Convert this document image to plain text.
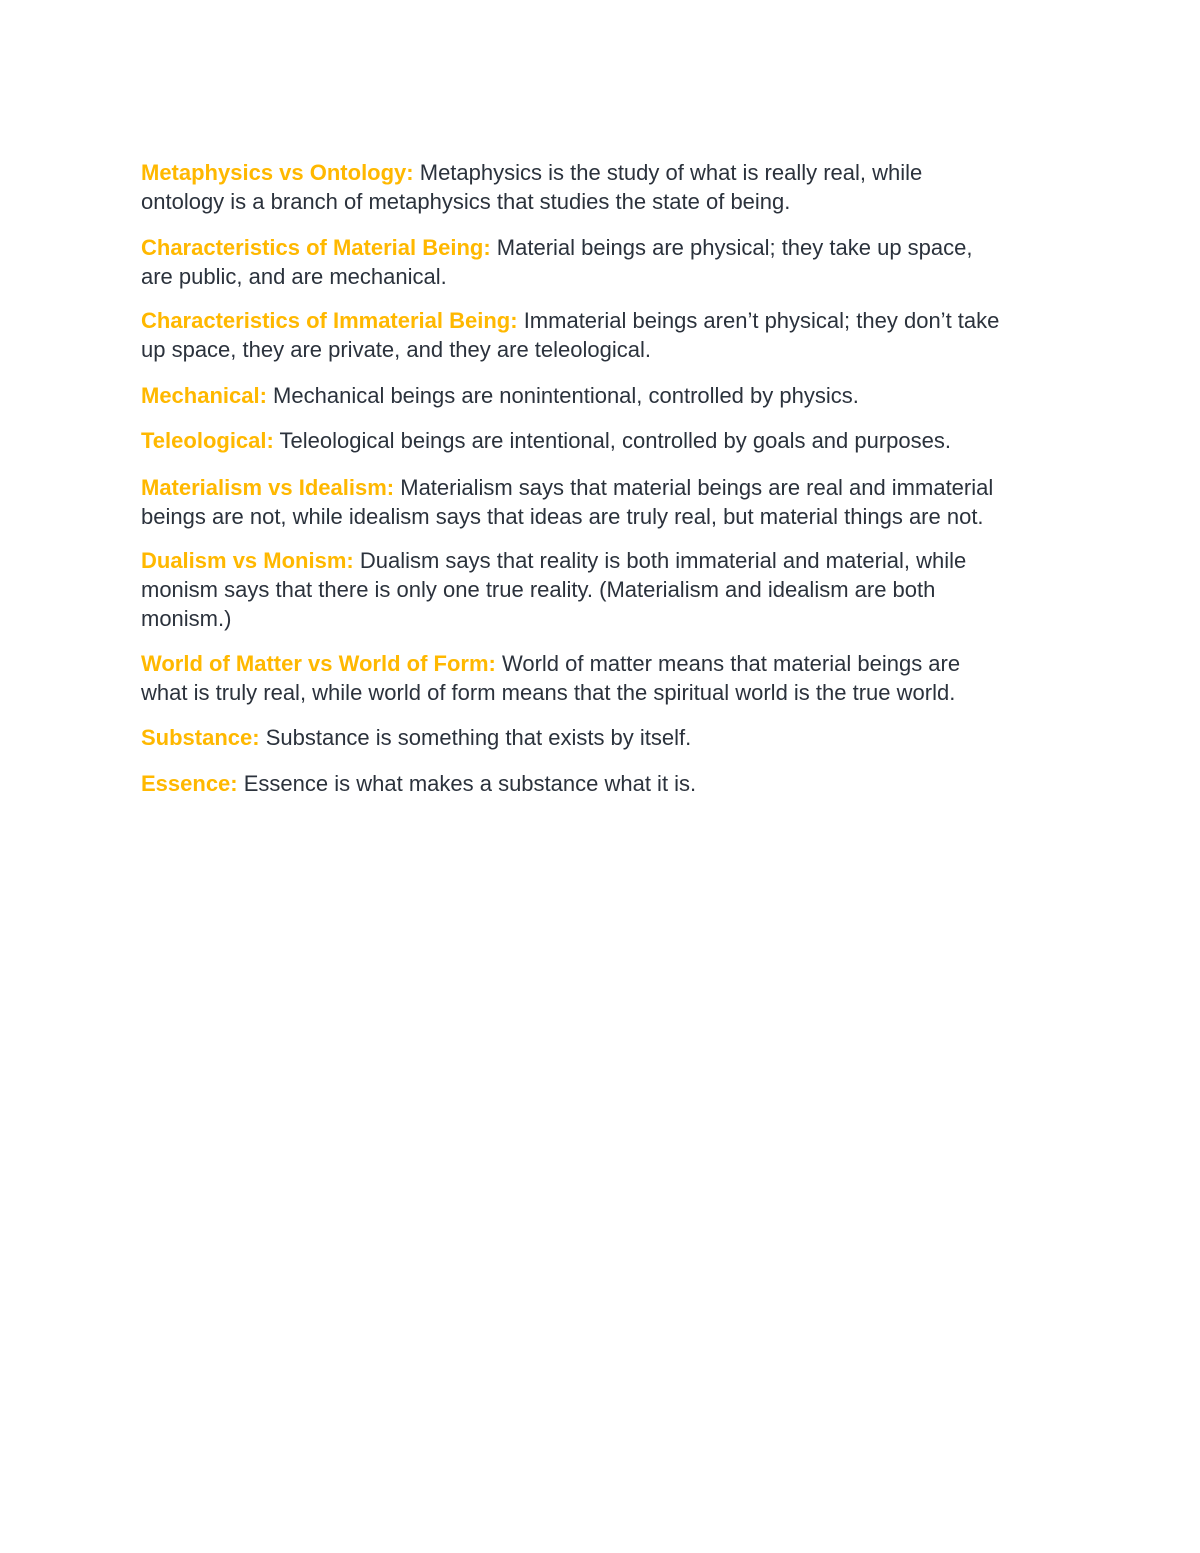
Metaphysics vs Ontology: Metaphysics is the study of what is really real, while
ontology is a branch of metaphysics that studies the state of being.
Characteristics of Material Being: Material beings are physical; they take up space,
are public, and are mechanical.
Characteristics of Immaterial Being: Immaterial beings aren’t physical; they don’t take
up space, they are private, and they are teleological.
Mechanical: Mechanical beings are nonintentional, controlled by physics.
Teleological: Teleological beings are intentional, controlled by goals and purposes.
Materialism vs Idealism: Materialism says that material beings are real and immaterial
beings are not, while idealism says that ideas are truly real, but material things are not.
Dualism vs Monism: Dualism says that reality is both immaterial and material, while
monism says that there is only one true reality. (Materialism and idealism are both
monism.)
World of Matter vs World of Form: World of matter means that material beings are
what is truly real, while world of form means that the spiritual world is the true world.
Substance: Substance is something that exists by itself.
Essence: Essence is what makes a substance what it is.
